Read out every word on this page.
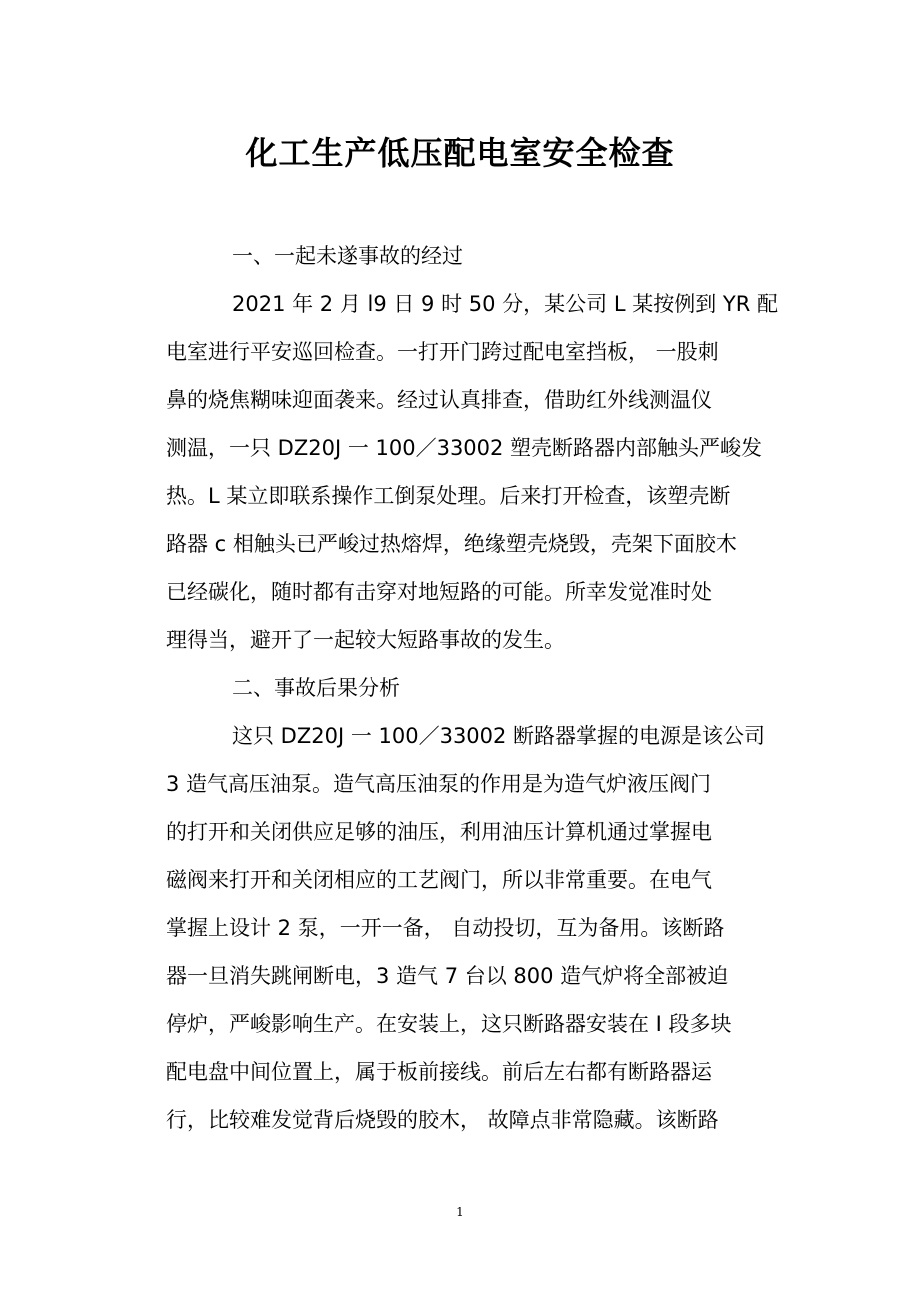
化工生产低压配电室安全检查
一、一起未遂事故的经过
2021 年 2 月 l9 日 9 时 50 分，某公司 L 某按例到 YR 配
电室进行平安巡回检查。一打开门跨过配电室挡板， 一股刺
鼻的烧焦糊味迎面袭来。经过认真排查，借助红外线测温仪
测温，一只 DZ20J 一 100／33002 塑壳断路器内部触头严峻发
热。L 某立即联系操作工倒泵处理。后来打开检查，该塑壳断
路器 c 相触头已严峻过热熔焊，绝缘塑壳烧毁，壳架下面胶木
已经碳化，随时都有击穿对地短路的可能。所幸发觉准时处
理得当，避开了一起较大短路事故的发生。
二、事故后果分析
这只 DZ20J 一 100／33002 断路器掌握的电源是该公司
3 造气高压油泵。造气高压油泵的作用是为造气炉液压阀门
的打开和关闭供应足够的油压，利用油压计算机通过掌握电
磁阀来打开和关闭相应的工艺阀门，所以非常重要。在电气
掌握上设计 2 泵，一开一备， 自动投切，互为备用。该断路
器一旦消失跳闸断电，3 造气 7 台以 800 造气炉将全部被迫
停炉，严峻影响生产。在安装上，这只断路器安装在 I 段多块
配电盘中间位置上，属于板前接线。前后左右都有断路器运
行，比较难发觉背后烧毁的胶木， 故障点非常隐藏。该断路
1
